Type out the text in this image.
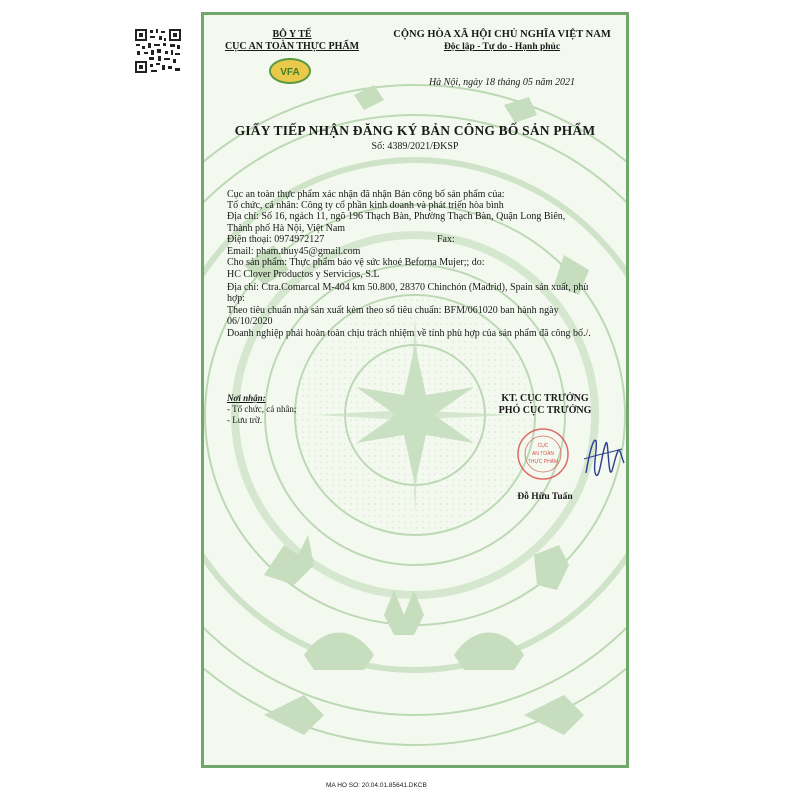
BỘ Y TẾ
CỤC AN TOÀN THỰC PHẨM
VFA
CỘNG HÒA XÃ HỘI CHỦ NGHĨA VIỆT NAM
Độc lập - Tự do - Hạnh phúc
Hà Nội, ngày 18 tháng 05 năm 2021
GIẤY TIẾP NHẬN ĐĂNG KÝ BẢN CÔNG BỐ SẢN PHẨM
Số: 4389/2021/ĐKSP
Cục an toàn thực phẩm xác nhận đã nhận Bản công bố sản phẩm của:
Tổ chức, cá nhân: Công ty cổ phần kinh doanh và phát triển hòa bình
Địa chỉ: Số 16, ngách 11, ngõ 196 Thạch Bàn, Phường Thạch Bàn, Quận Long Biên,
Thành phố Hà Nội, Việt Nam
Điện thoại: 0974972127	Fax:
Email: pham.thuy45@gmail.com
Cho sản phẩm: Thực phẩm bảo vệ sức khoẻ Beforna Mujer;; do:
HC Clover Productos y Servicios, S.L
Địa chỉ: Ctra.Comarcal M-404 km 50.800, 28370 Chinchón (Madrid), Spain sản xuất, phù
hợp:
Theo tiêu chuẩn nhà sản xuất kèm theo số tiêu chuẩn: BFM/061020 ban hành ngày
06/10/2020
Doanh nghiệp phải hoàn toàn chịu trách nhiệm về tính phù hợp của sản phẩm đã công bố./.
Nơi nhận:
- Tổ chức, cá nhân;
- Lưu trữ.
KT. CỤC TRƯỞNG
PHÓ CỤC TRƯỞNG
CỤC
AN TOÀN
THỰC PHẨM
Đỗ Hữu Tuấn
MA HO SO: 20.04.01.85641.DKCB
